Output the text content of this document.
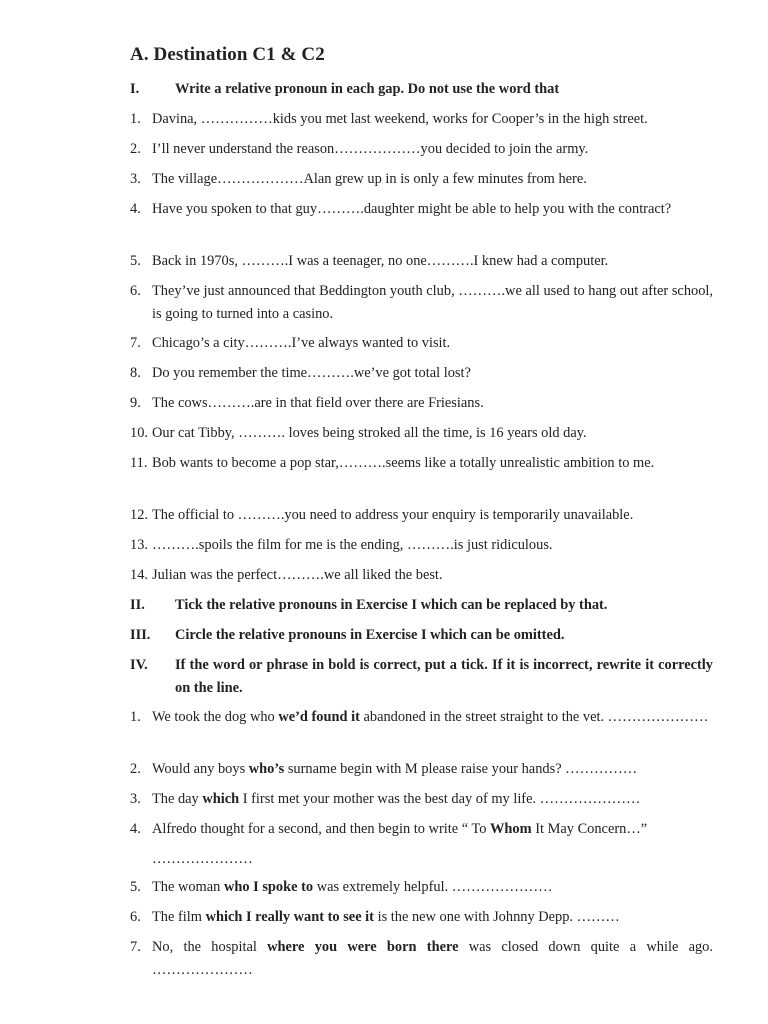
A. Destination C1 & C2
I. Write a relative pronoun in each gap. Do not use the word that
1. Davina, ……………kids you met last weekend, works for Cooper’s in the high street.
2. I’ll never understand the reason………………you decided to join the army.
3. The village………………Alan grew up in is only a few minutes from here.
4. Have you spoken to that guy……….daughter might be able to help you with the contract?
5. Back in 1970s, ……….I was a teenager, no one……….I knew had a computer.
6. They’ve just announced that Beddington youth club, ……….we all used to hang out after school, is going to turned into a casino.
7. Chicago’s a city……….I’ve always wanted to visit.
8. Do you remember the time……….we’ve got total lost?
9. The cows……….are in that field over there are Friesians.
10. Our cat Tibby, ………. loves being stroked all the time, is 16 years old day.
11. Bob wants to become a pop star,……….seems like a totally unrealistic ambition to me.
12. The official to ……….you need to address your enquiry is temporarily unavailable.
13. ……….spoils the film for me is the ending, ……….is just ridiculous.
14. Julian was the perfect……….we all liked the best.
II. Tick the relative pronouns in Exercise I which can be replaced by that.
III. Circle the relative pronouns in Exercise I which can be omitted.
IV. If the word or phrase in bold is correct, put a tick. If it is incorrect, rewrite it correctly on the line.
1. We took the dog who we’d found it abandoned in the street straight to the vet. …………………
2. Would any boys who’s surname begin with M please raise your hands? ……………
3. The day which I first met your mother was the best day of my life. …………………
4. Alfredo thought for a second, and then begin to write “ To Whom It May Concern…”
…………………
5. The woman who I spoke to was extremely helpful. …………………
6. The film which I really want to see it is the new one with Johnny Depp. ………
7. No, the hospital where you were born there was closed down quite a while ago. …………………
